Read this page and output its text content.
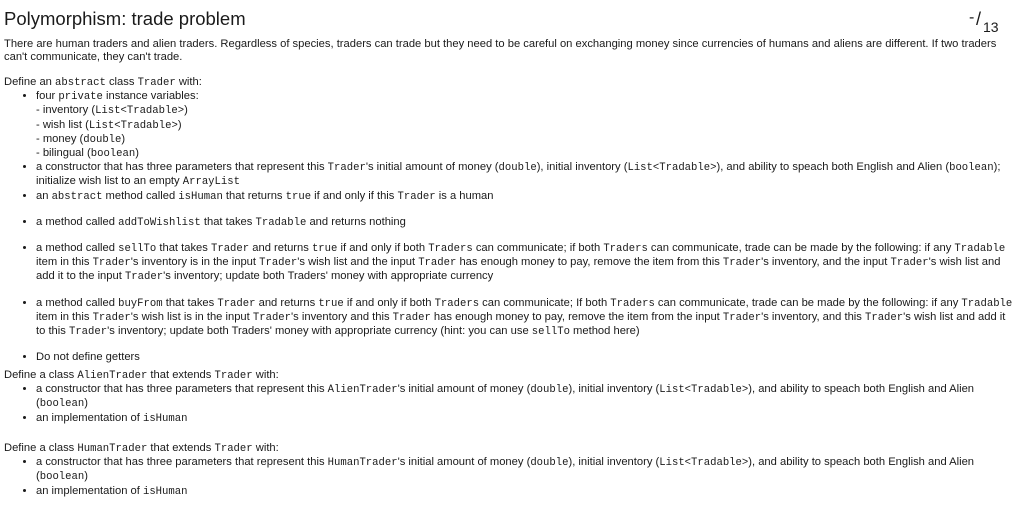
Polymorphism: trade problem	- / 13

There are human traders and alien traders. Regardless of species, traders can trade but they need to be careful on exchanging money since currencies of humans and aliens are different. If two traders can't communicate, they can't trade.

Define an abstract class Trader with:

• four private instance variables:
- inventory (List<Tradable>)
- wish list (List<Tradable>)
- money (double)
- bilingual (boolean)
• a constructor that has three parameters that represent this Trader's initial amount of money (double), initial inventory (List<Tradable>), and ability to speach both English and Alien (boolean); initialize wish list to an empty ArrayList
• an abstract method called isHuman that returns true if and only if this Trader is a human
• a method called addToWishlist that takes Tradable and returns nothing
• a method called sellTo that takes Trader and returns true if and only if both Traders can communicate; if both Traders can communicate, trade can be made by the following: if any Tradable item in this Trader's inventory is in the input Trader's wish list and the input Trader has enough money to pay, remove the item from this Trader's inventory, and the input Trader's wish list and add it to the input Trader's inventory; update both Traders' money with appropriate currency
• a method called buyFrom that takes Trader and returns true if and only if both Traders can communicate; If both Traders can communicate, trade can be made by the following: if any Tradable item in this Trader's wish list is in the input Trader's inventory and this Trader has enough money to pay, remove the item from the input Trader's inventory, and this Trader's wish list and add it to this Trader's inventory; update both Traders' money with appropriate currency (hint: you can use sellTo method here)
• Do not define getters

Define a class AlienTrader that extends Trader with:

• a constructor that has three parameters that represent this AlienTrader's initial amount of money (double), initial inventory (List<Tradable>), and ability to speach both English and Alien (boolean)
• an implementation of isHuman

Define a class HumanTrader that extends Trader with:

• a constructor that has three parameters that represent this HumanTrader's initial amount of money (double), initial inventory (List<Tradable>), and ability to speach both English and Alien (boolean)
• an implementation of isHuman
